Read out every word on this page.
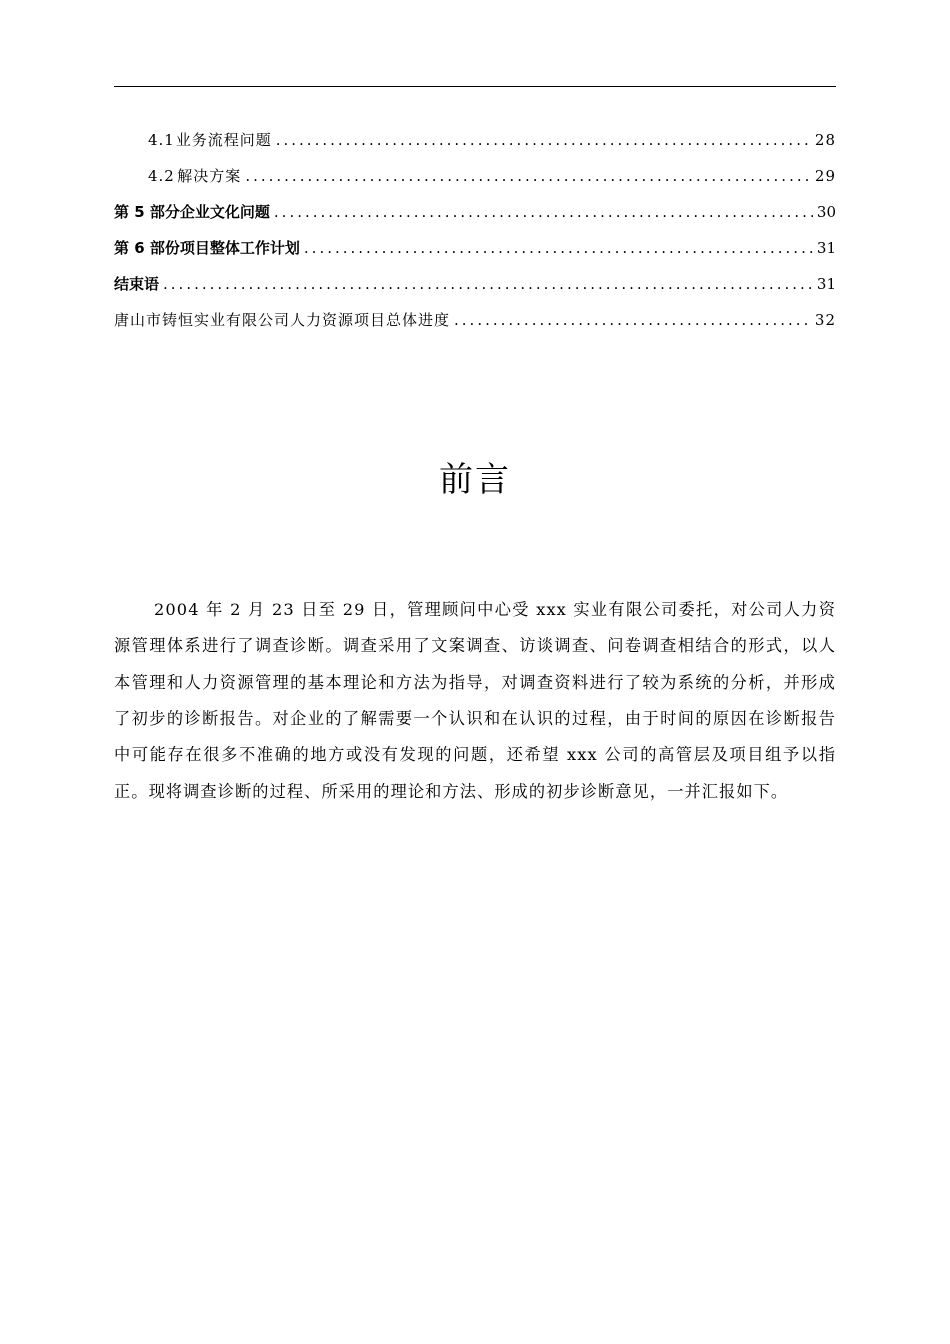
4.1 业务流程问题 .....	28
4.2 解决方案 .....	29
第 5 部分 企业文化问题 .....	30
第 6 部份 项目整体工作计划 .....	31
结束语 .....	31
唐山市铸恒实业有限公司人力资源项目总体进度 .....	32
前言

2004 年 2 月 23 日至 29 日，管理顾问中心受 xxx 实业有限公司委托，对公司人力资源管理体系进行了调查诊断。调查采用了文案调查、访谈调查、问卷调查相结合的形式，以人本管理和人力资源管理的基本理论和方法为指导，对调查资料进行了较为系统的分析，并形成了初步的诊断报告。对企业的了解需要一个认识和在认识的过程，由于时间的原因在诊断报告中可能存在很多不准确的地方或没有发现的问题，还希望 xxx 公司的高管层及项目组予以指正。现将调查诊断的过程、所采用的理论和方法、形成的初步诊断意见，一并汇报如下。
